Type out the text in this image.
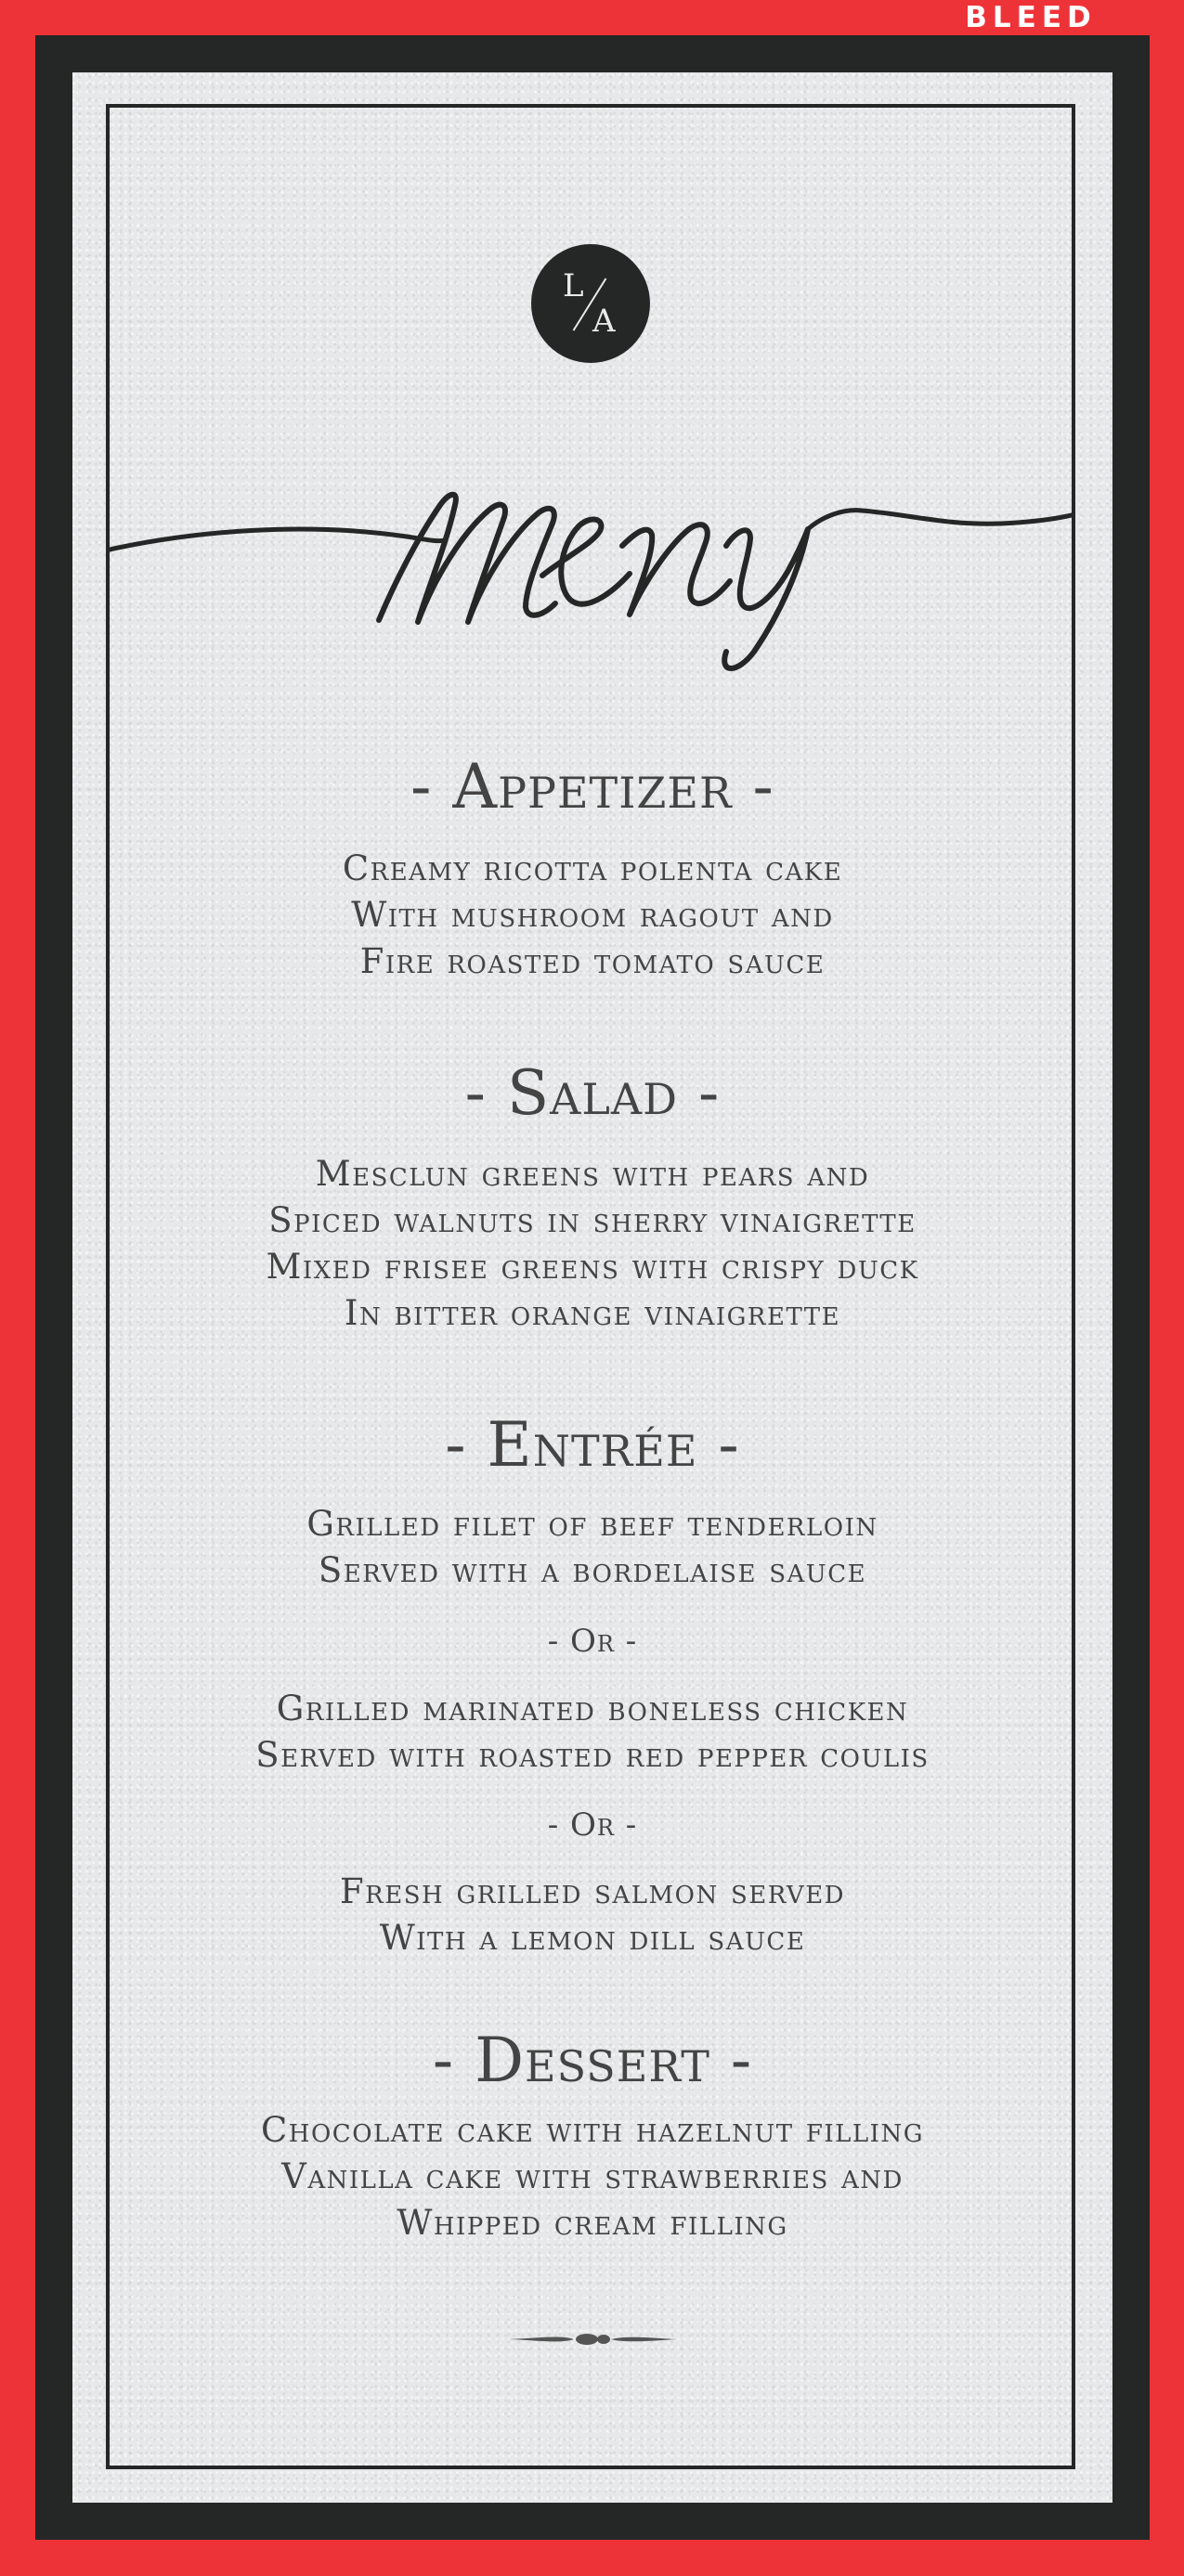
BLEED
L
A
- Appetizer -
Creamy ricotta polenta cake
With mushroom ragout and
Fire roasted tomato sauce
- Salad -
Mesclun greens with pears and
Spiced walnuts in sherry vinaigrette
Mixed frisee greens with crispy duck
In bitter orange vinaigrette
- Entrée -
Grilled filet of beef tenderloin
Served with a bordelaise sauce
- Or -
Grilled marinated boneless chicken
Served with roasted red pepper coulis
- Or -
Fresh grilled salmon served
With a lemon dill sauce
- Dessert -
Chocolate cake with hazelnut filling
Vanilla cake with strawberries and
Whipped cream filling
